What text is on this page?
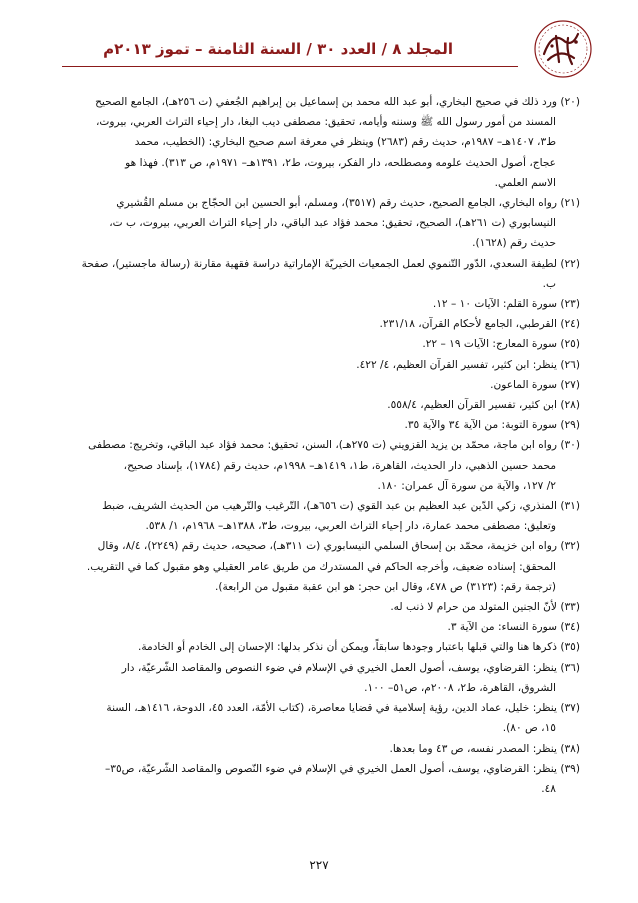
المجلد ٨ / العدد ٣٠ / السنة الثامنة – تموز ٢٠١٣م
(٢٠) ورد ذلك في صحيح البخاري، أبو عبد الله محمد بن إسماعيل بن إبراهيم الجُعفي (ت ٢٥٦هـ)، الجامع الصحيح
المسند من أمور رسول الله ﷺ وسننه وأيامه، تحقيق: مصطفى ديب البغا، دار إحياء التراث العربي، بيروت،
ط٣، ١٤٠٧هـ– ١٩٨٧م، حديث رقم (٢٦٨٣) وينظر في معرفة اسم صحيح البخاري: (الخطيب، محمد
عجاج، أصول الحديث علومه ومصطلحه، دار الفكر، بيروت، ط٢، ١٣٩١هـ– ١٩٧١م، ص ٣١٣). فهذا هو
الاسم العلمي.
(٢١) رواه البخاري، الجامع الصحيح، حديث رقم (٣٥١٧)، ومسلم، أبو الحسين ابن الحجّاج بن مسلم القُشيري
النيسابوري (ت ٢٦١هـ)، الصحيح، تحقيق: محمد فؤاد عبد الباقي، دار إحياء التراث العربي، بيروت، ب ت،
حديث رقم (١٦٢٨).
(٢٢) لطيفة السعدي، الدّور التّنموي لعمل الجمعيات الخيريّة الإماراتية دراسة فقهية مقارنة (رسالة ماجستير)، صفحة
ب.
(٢٣) سورة القلم: الآيات ١٠ – ١٢.
(٢٤) القرطبي، الجامع لأحكام القرآن، ٢٣١/١٨.
(٢٥) سورة المعارج: الآيات ١٩ – ٢٢.
(٢٦) ينظر: ابن كثير، تفسير القرآن العظيم، ٤/ ٤٢٢.
(٢٧) سورة الماعون.
(٢٨) ابن كثير، تفسير القرآن العظيم، ٥٥٨/٤.
(٢٩) سورة التوبة: من الآية ٣٤ والآية ٣٥.
(٣٠) رواه ابن ماجة، محمّد بن يزيد القزويني (ت ٢٧٥هـ)، السنن، تحقيق: محمد فؤاد عبد الباقي، وتخريج: مصطفى
محمد حسين الذهبي، دار الحديث، القاهرة، ط١، ١٤١٩هـ– ١٩٩٨م، حديث رقم (١٧٨٤)، بإسناد صحيح،
٢/ ١٢٧، والآية من سورة آل عمران: ١٨٠.
(٣١) المنذري، زكي الدّين عبد العظيم بن عبد القوي (ت ٦٥٦هـ)، التّرغيب والتّرهيب من الحديث الشريف، ضبط
وتعليق: مصطفى محمد عمارة، دار إحياء التراث العربي، بيروت، ط٣، ١٣٨٨هـ– ١٩٦٨م، ١/ ٥٣٨.
(٣٢) رواه ابن خزيمة، محمّد بن إسحاق السلمي النيسابوري (ت ٣١١هـ)، صحيحه، حديث رقم (٢٢٤٩)، ٨/٤، وقال
المحقق: إسناده ضعيف، وأخرجه الحاكم في المستدرك من طريق عامر العقيلي وهو مقبول كما في التقريب.
(ترجمة رقم: (٣١٢٣) ص ٤٧٨، وقال ابن حجر: هو ابن عقبة مقبول من الرابعة).
(٣٣) لأنّ الجنين المتولد من حرام لا ذنب له.
(٣٤) سورة النساء: من الآية ٣.
(٣٥) ذكرها هنا والتي قبلها باعتبار وجودها سابقاً، ويمكن أن نذكر بدلها: الإحسان إلى الخادم أو الخادمة.
(٣٦) ينظر: القرضاوي، يوسف، أصول العمل الخيري في الإسلام في ضوء النصوص والمقاصد الشّرعيّة، دار
الشروق، القاهرة، ط٢، ٢٠٠٨م، ص٥١– ١٠٠.
(٣٧) ينظر: خليل، عماد الدين، رؤية إسلامية في قضايا معاصرة، (كتاب الأمّة، العدد ٤٥، الدوحة، ١٤١٦هـ، السنة
١٥، ص ٨٠).
(٣٨) ينظر: المصدر نفسه، ص ٤٣ وما بعدها.
(٣٩) ينظر: القرضاوي، يوسف، أصول العمل الخيري في الإسلام في ضوء النّصوص والمقاصد الشّرعيّة، ص٣٥–
٤٨.
٢٢٧
